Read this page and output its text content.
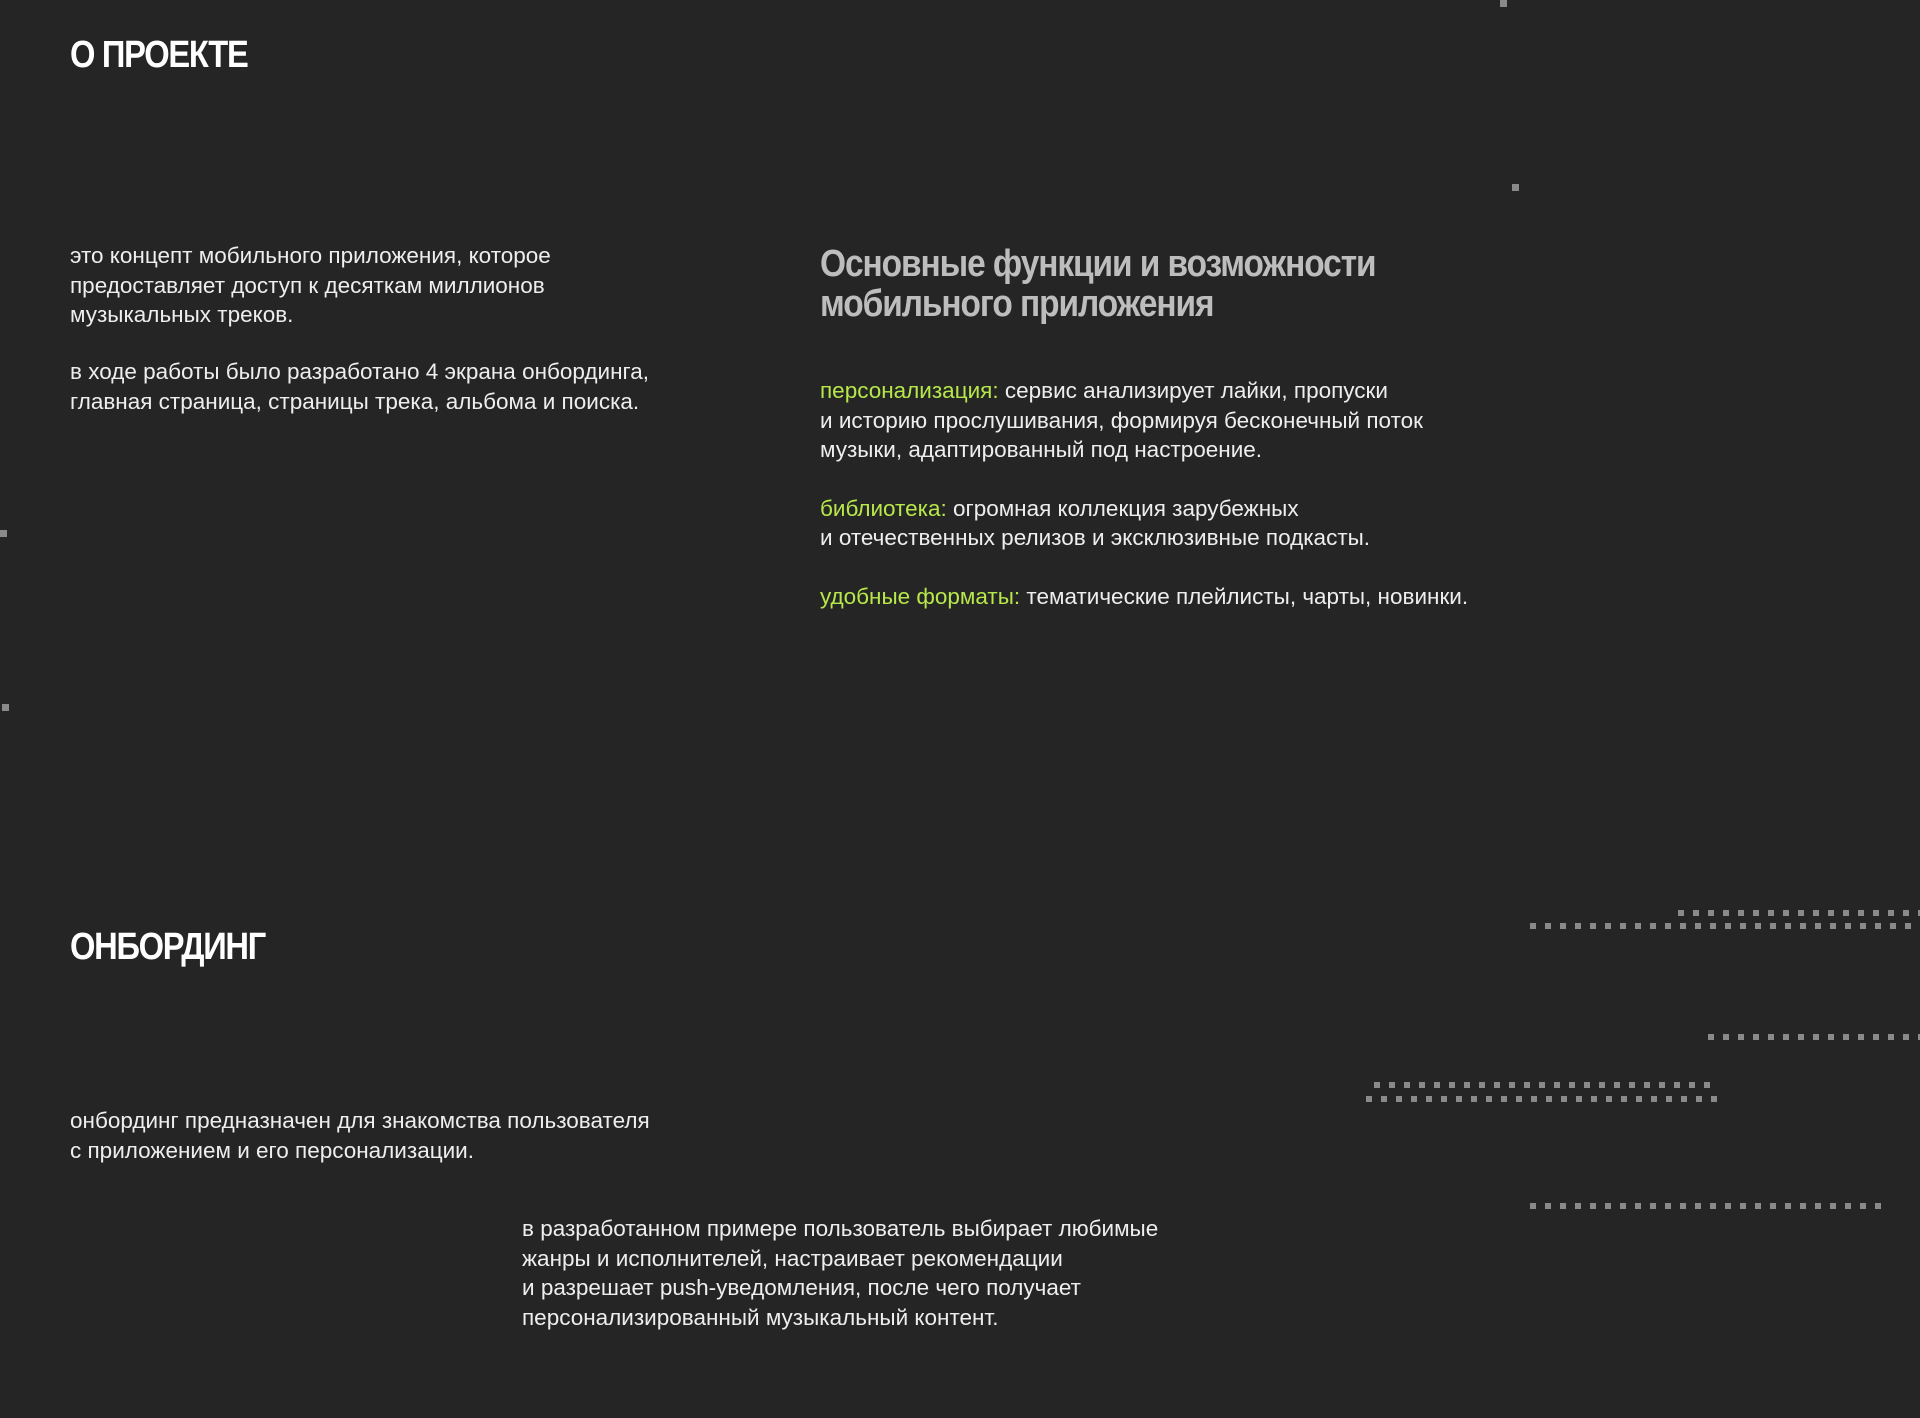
О ПРОЕКТЕ

это концепт мобильного приложения, которое
предоставляет доступ к десяткам миллионов
музыкальных треков.

в ходе работы было разработано 4 экрана онбординга,
главная страница, страницы трека, альбома и поиска.

Основные функции и возможности
мобильного приложения

персонализация: сервис анализирует лайки, пропуски
и историю прослушивания, формируя бесконечный поток
музыки, адаптированный под настроение.

библиотека: огромная коллекция зарубежных
и отечественных релизов и эксклюзивные подкасты.

удобные форматы: тематические плейлисты, чарты, новинки.

ОНБОРДИНГ

онбординг предназначен для знакомства пользователя
с приложением и его персонализации.

в разработанном примере пользователь выбирает любимые
жанры и исполнителей, настраивает рекомендации
и разрешает push-уведомления, после чего получает
персонализированный музыкальный контент.
